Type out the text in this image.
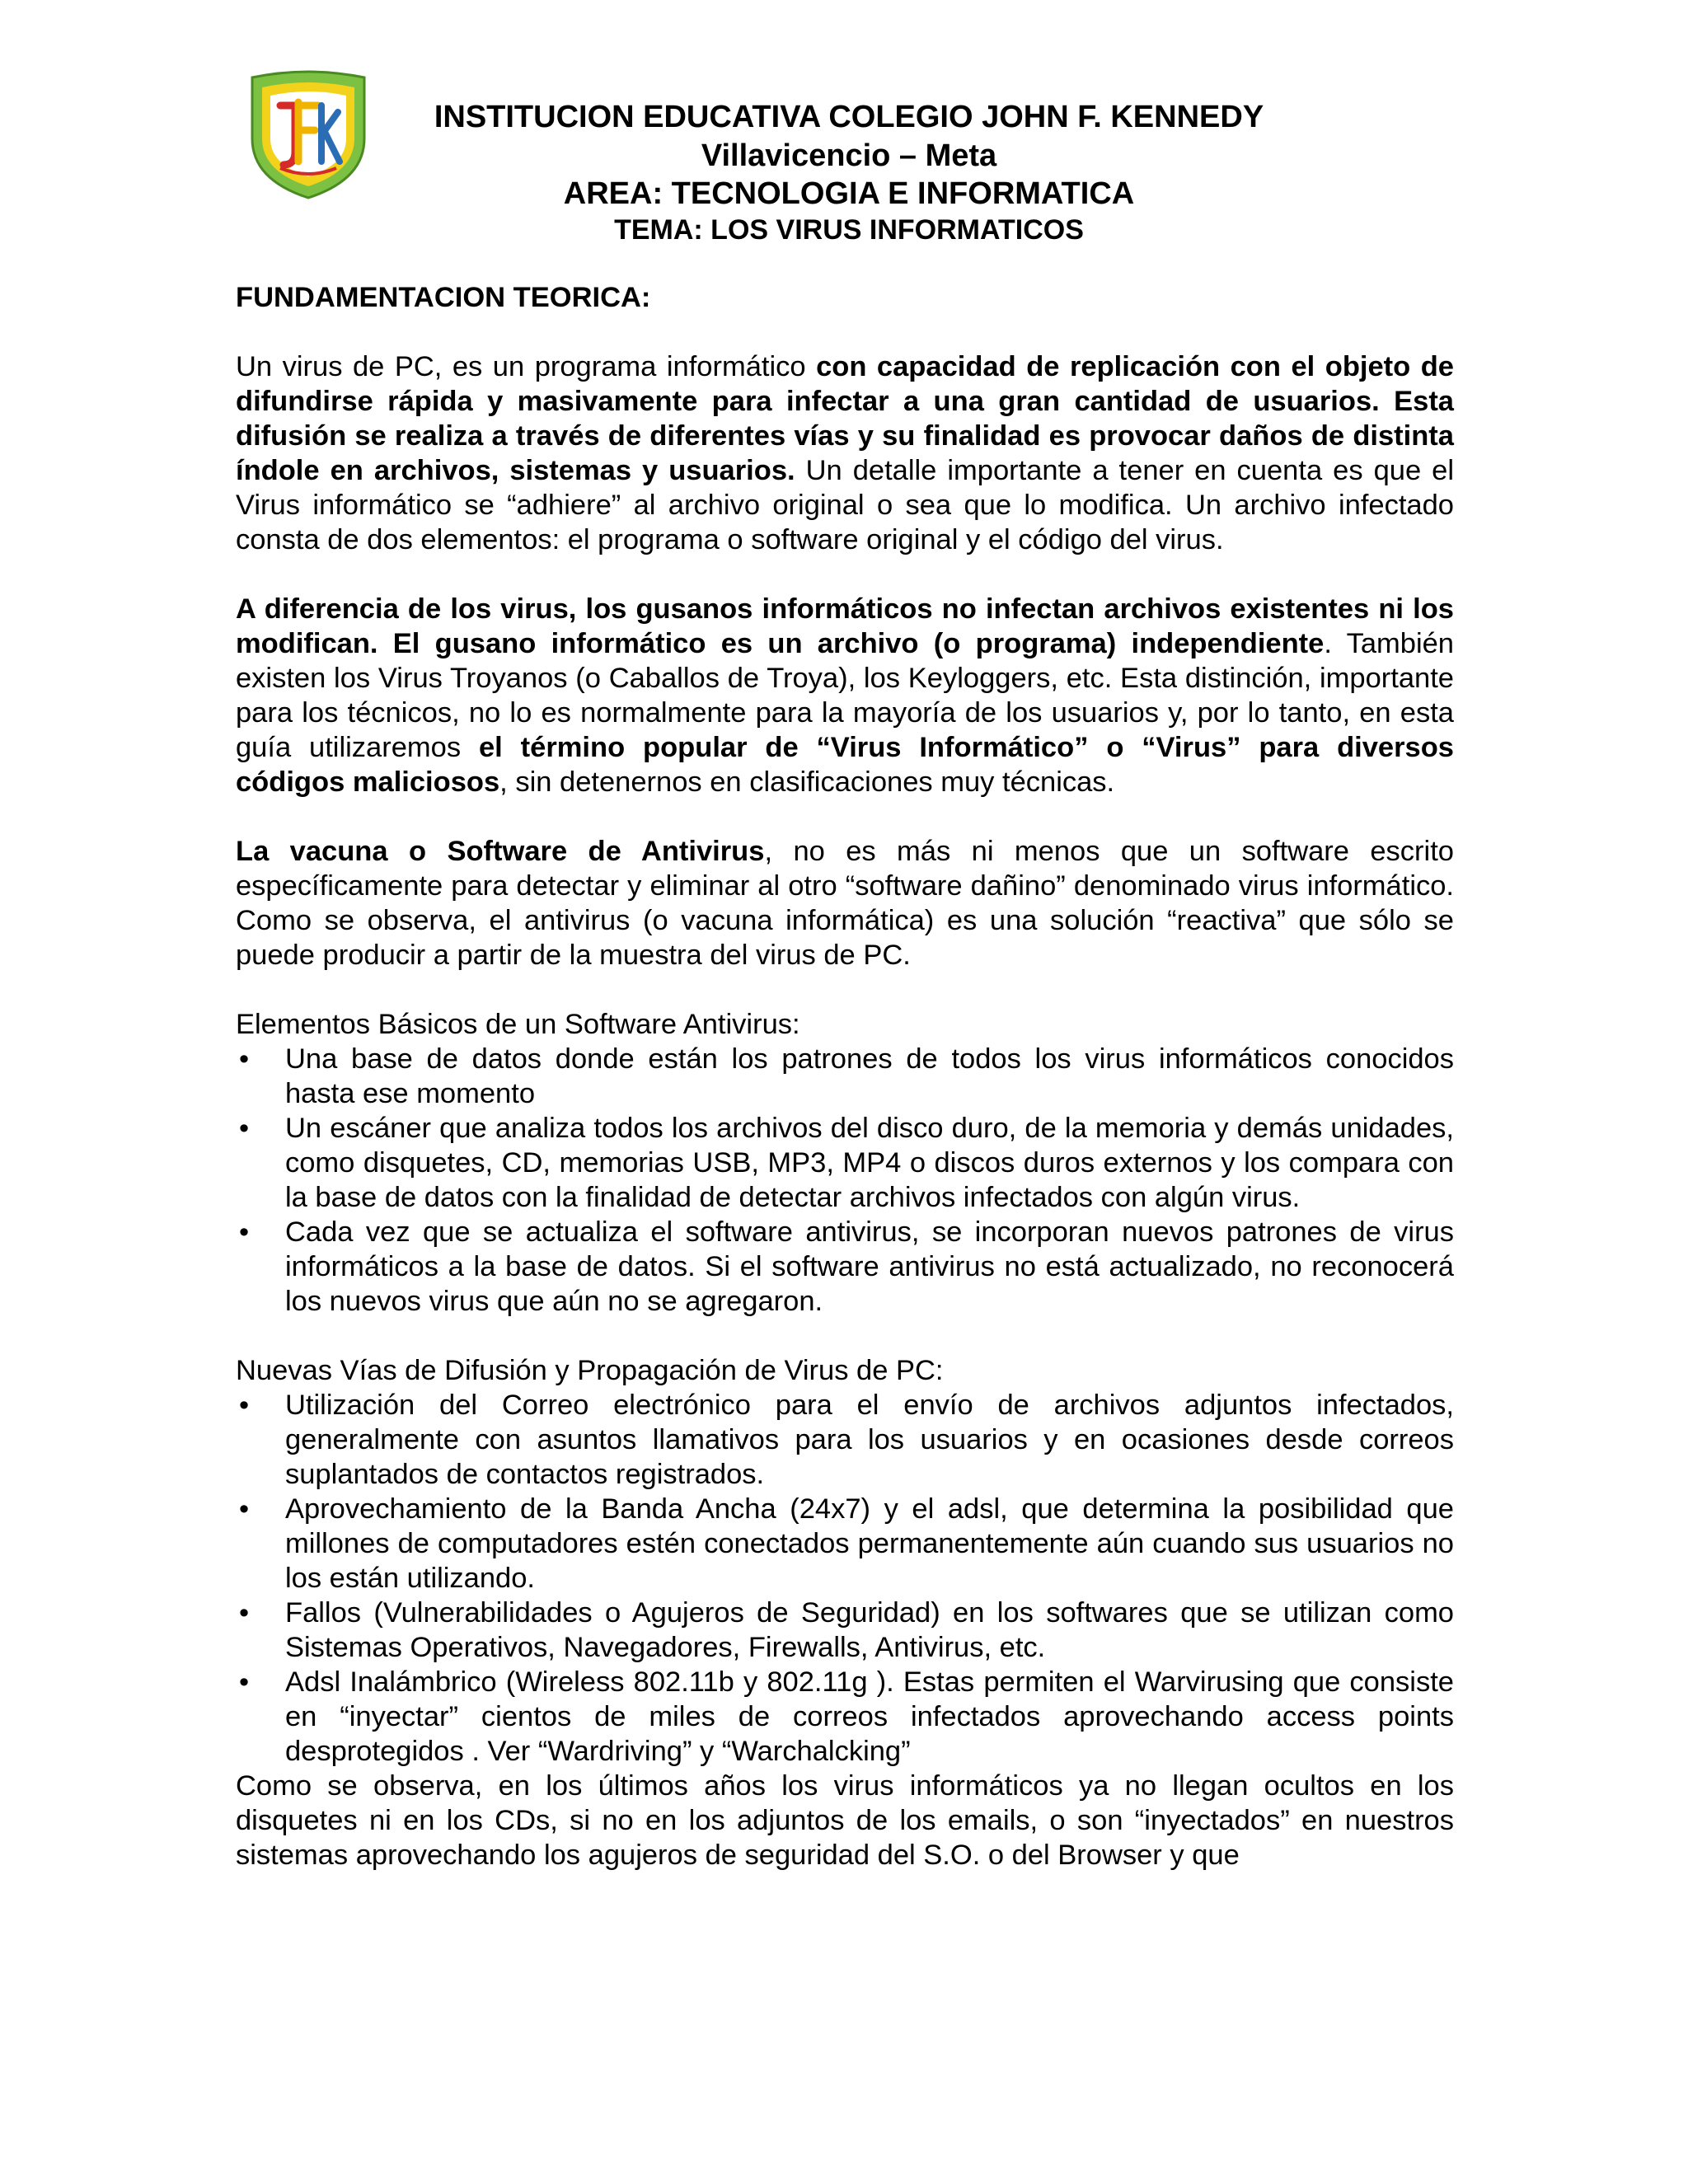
INSTITUCION EDUCATIVA COLEGIO JOHN F. KENNEDY
Villavicencio – Meta
AREA: TECNOLOGIA E INFORMATICA
TEMA: LOS VIRUS INFORMATICOS

FUNDAMENTACION TEORICA:

Un virus de PC, es un programa informático con capacidad de replicación con el objeto de difundirse rápida y masivamente para infectar a una gran cantidad de usuarios. Esta difusión se realiza a través de diferentes vías y su finalidad es provocar daños de distinta índole en archivos, sistemas y usuarios. Un detalle importante a tener en cuenta es que el Virus informático se “adhiere” al archivo original o sea que lo modifica. Un archivo infectado consta de dos elementos: el programa o software original y el código del virus.

A diferencia de los virus, los gusanos informáticos no infectan archivos existentes ni los modifican. El gusano informático es un archivo (o programa) independiente. También existen los Virus Troyanos (o Caballos de Troya), los Keyloggers, etc. Esta distinción, importante para los técnicos, no lo es normalmente para la mayoría de los usuarios y, por lo tanto, en esta guía utilizaremos el término popular de “Virus Informático” o “Virus” para diversos códigos maliciosos, sin detenernos en clasificaciones muy técnicas.

La vacuna o Software de Antivirus, no es más ni menos que un software escrito específicamente para detectar y eliminar al otro “software dañino” denominado virus informático. Como se observa, el antivirus (o vacuna informática) es una solución “reactiva” que sólo se puede producir a partir de la muestra del virus de PC.

Elementos Básicos de un Software Antivirus:

• Una base de datos donde están los patrones de todos los virus informáticos conocidos hasta ese momento
• Un escáner que analiza todos los archivos del disco duro, de la memoria y demás unidades, como disquetes, CD, memorias USB, MP3, MP4 o discos duros externos y los compara con la base de datos con la finalidad de detectar archivos infectados con algún virus.
• Cada vez que se actualiza el software antivirus, se incorporan nuevos patrones de virus informáticos a la base de datos. Si el software antivirus no está actualizado, no reconocerá los nuevos virus que aún no se agregaron.

Nuevas Vías de Difusión y Propagación de Virus de PC:

• Utilización del Correo electrónico para el envío de archivos adjuntos infectados, generalmente con asuntos llamativos para los usuarios y en ocasiones desde correos suplantados de contactos registrados.
• Aprovechamiento de la Banda Ancha (24x7) y el adsl, que determina la posibilidad que millones de computadores estén conectados permanentemente aún cuando sus usuarios no los están utilizando.
• Fallos (Vulnerabilidades o Agujeros de Seguridad) en los softwares que se utilizan como Sistemas Operativos, Navegadores, Firewalls, Antivirus, etc.
• Adsl Inalámbrico (Wireless 802.11b y 802.11g ). Estas permiten el Warvirusing que consiste en “inyectar” cientos de miles de correos infectados aprovechando access points desprotegidos . Ver “Wardriving” y “Warchalcking”

Como se observa, en los últimos años los virus informáticos ya no llegan ocultos en los disquetes ni en los CDs, si no en los adjuntos de los emails, o son “inyectados” en nuestros sistemas aprovechando los agujeros de seguridad del S.O. o del Browser y que
